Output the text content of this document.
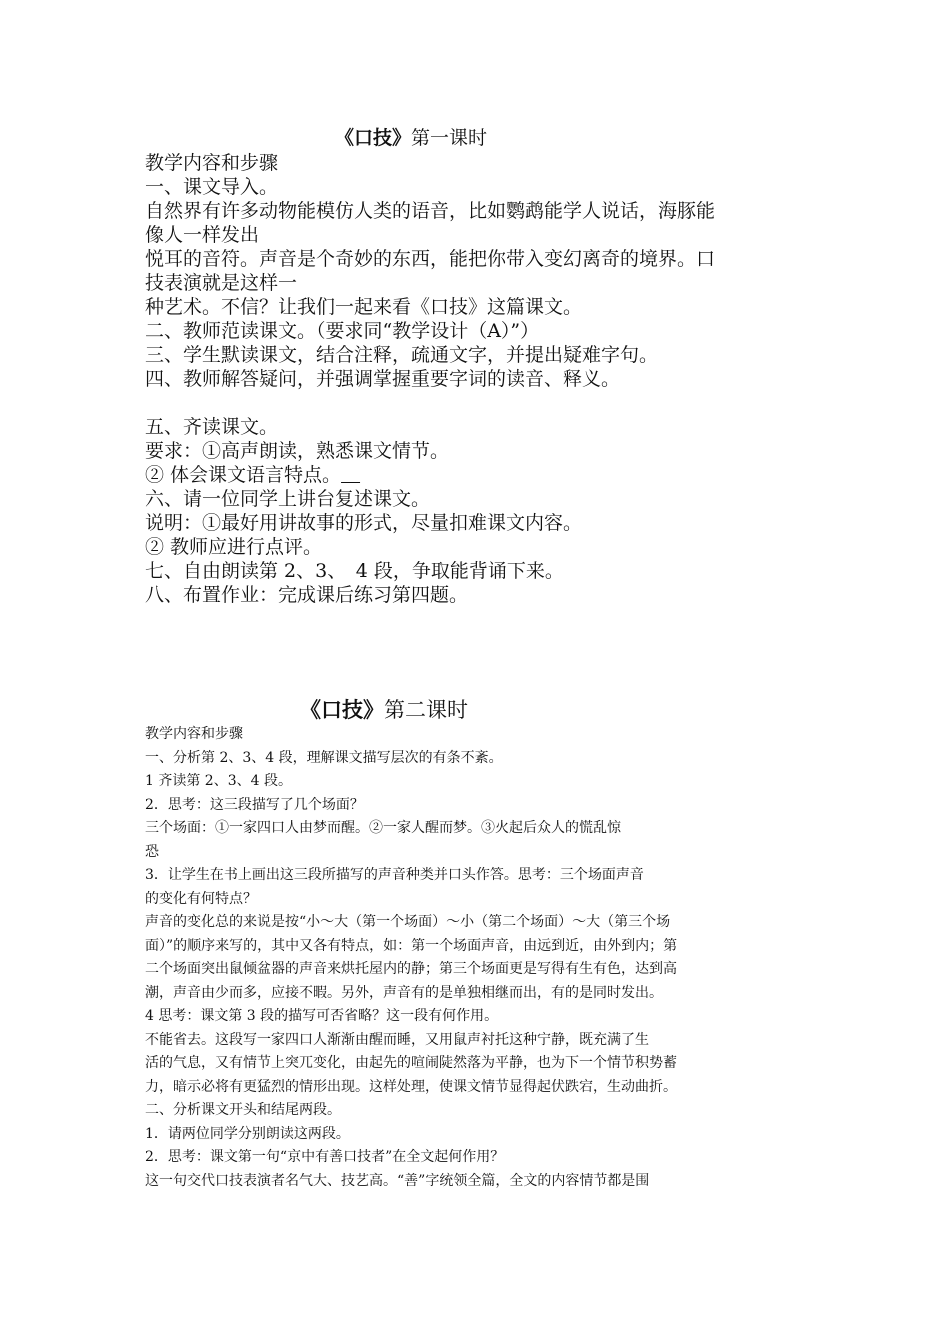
《口技》第一课时
教学内容和步骤
一、课文导入。
自然界有许多动物能模仿人类的语音，比如鹦鹉能学人说话，海豚能
像人一样发出
悦耳的音符。声音是个奇妙的东西，能把你带入变幻离奇的境界。口
技表演就是这样一
种艺术。不信？让我们一起来看《口技》这篇课文。
二、教师范读课文。（要求同“教学设计（A）”）
三、学生默读课文，结合注释，疏通文字，并提出疑难字句。
四、教师解答疑问，并强调掌握重要字词的读音、释义。
五、齐读课文。
要求：①高声朗读，熟悉课文情节。
② 体会课文语言特点。 
六、请一位同学上讲台复述课文。
说明：①最好用讲故事的形式，尽量扣难课文内容。
② 教师应进行点评。
七、自由朗读第 2、3、　4 段，争取能背诵下来。
八、布置作业：完成课后练习第四题。
《口技》第二课时
教学内容和步骤
一、分析第 2、3、4 段，理解课文描写层次的有条不紊。
1 齐读第 2、3、4 段。
2．思考：这三段描写了几个场面？
三个场面：①一家四口人由梦而醒。②一家人醒而梦。③火起后众人的慌乱惊
恐
3．让学生在书上画出这三段所描写的声音种类并口头作答。思考：三个场面声音
的变化有何特点？
声音的变化总的来说是按“小～大（第一个场面）～小（第二个场面）～大（第三个场
面）”的顺序来写的，其中又各有特点，如：第一个场面声音，由远到近，由外到内；第
二个场面突出鼠倾盆器的声音来烘托屋内的静；第三个场面更是写得有生有色，达到高
潮，声音由少而多，应接不暇。另外，声音有的是单独相继而出，有的是同时发出。
4 思考：课文第 3 段的描写可否省略？这一段有何作用。
不能省去。这段写一家四口人渐渐由醒而睡，又用鼠声衬托这种宁静，既充满了生
活的气息，又有情节上突兀变化，由起先的喧闹陡然落为平静，也为下一个情节积势蓄
力，暗示必将有更猛烈的情形出现。这样处理，使课文情节显得起伏跌宕，生动曲折。
二、分析课文开头和结尾两段。
1．请两位同学分别朗读这两段。
2．思考：课文第一句“京中有善口技者”在全文起何作用？
这一句交代口技表演者名气大、技艺高。“善”字统领全篇，全文的内容情节都是围
